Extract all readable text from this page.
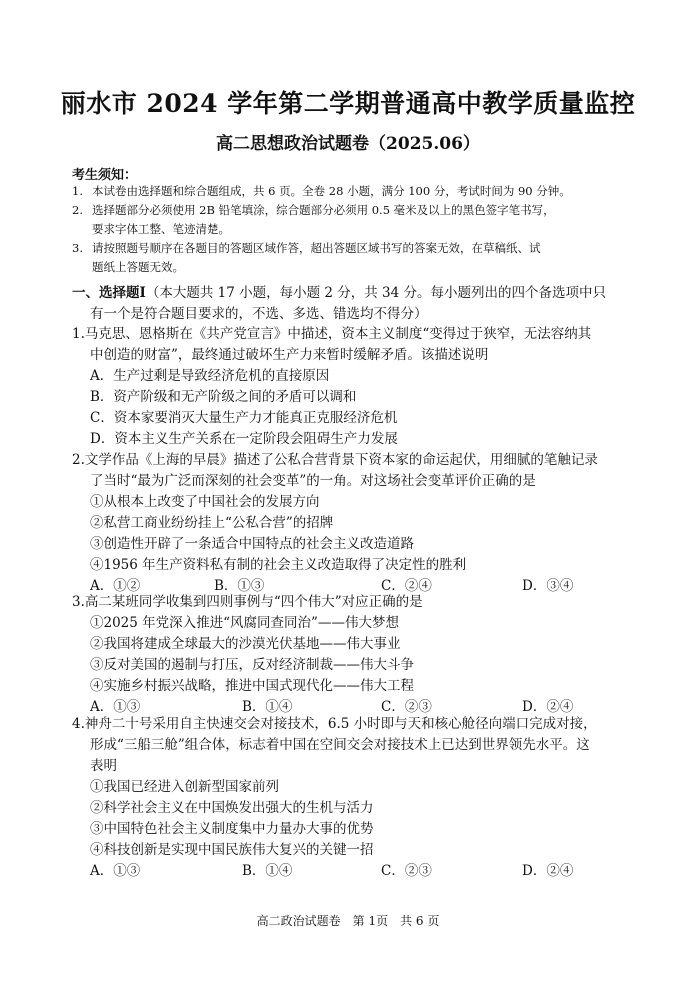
丽水市 2024 学年第二学期普通高中教学质量监控
高二思想政治试题卷（2025.06）
考生须知：
1. 本试卷由选择题和综合题组成，共 6 页。全卷 28 小题，满分 100 分，考试时间为 90 分钟。
2. 选择题部分必须使用 2B 铅笔填涂，综合题部分必须用 0.5 毫米及以上的黑色签字笔书写，
要求字体工整、笔迹清楚。
3. 请按照题号顺序在各题目的答题区域作答，超出答题区域书写的答案无效，在草稿纸、试
题纸上答题无效。
一、选择题Ⅰ（本大题共 17 小题，每小题 2 分，共 34 分。每小题列出的四个备选项中只
有一个是符合题目要求的，不选、多选、错选均不得分）
1.马克思、恩格斯在《共产党宣言》中描述，资本主义制度“变得过于狭窄，无法容纳其
中创造的财富”，最终通过破坏生产力来暂时缓解矛盾。该描述说明
A．生产过剩是导致经济危机的直接原因
B．资产阶级和无产阶级之间的矛盾可以调和
C．资本家要消灭大量生产力才能真正克服经济危机
D．资本主义生产关系在一定阶段会阻碍生产力发展
2.文学作品《上海的早晨》描述了公私合营背景下资本家的命运起伏，用细腻的笔触记录
了当时“最为广泛而深刻的社会变革”的一角。对这场社会变革评价正确的是
①从根本上改变了中国社会的发展方向
②私营工商业纷纷挂上“公私合营”的招牌
③创造性开辟了一条适合中国特点的社会主义改造道路
④1956 年生产资料私有制的社会主义改造取得了决定性的胜利
A．①②	B．①③	C．②④	D．③④
3.高二某班同学收集到四则事例与“四个伟大”对应正确的是
①2025 年党深入推进“风腐同查同治”——伟大梦想
②我国将建成全球最大的沙漠光伏基地——伟大事业
③反对美国的遏制与打压，反对经济制裁——伟大斗争
④实施乡村振兴战略，推进中国式现代化——伟大工程
A．①③	B．①④	C．②③	D．②④
4.神舟二十号采用自主快速交会对接技术，6.5 小时即与天和核心舱径向端口完成对接，
形成“三船三舱”组合体，标志着中国在空间交会对接技术上已达到世界领先水平。这
表明
①我国已经进入创新型国家前列
②科学社会主义在中国焕发出强大的生机与活力
③中国特色社会主义制度集中力量办大事的优势
④科技创新是实现中国民族伟大复兴的关键一招
A．①③	B．①④	C．②③	D．②④
高二政治试题卷　第 1页　共 6 页
